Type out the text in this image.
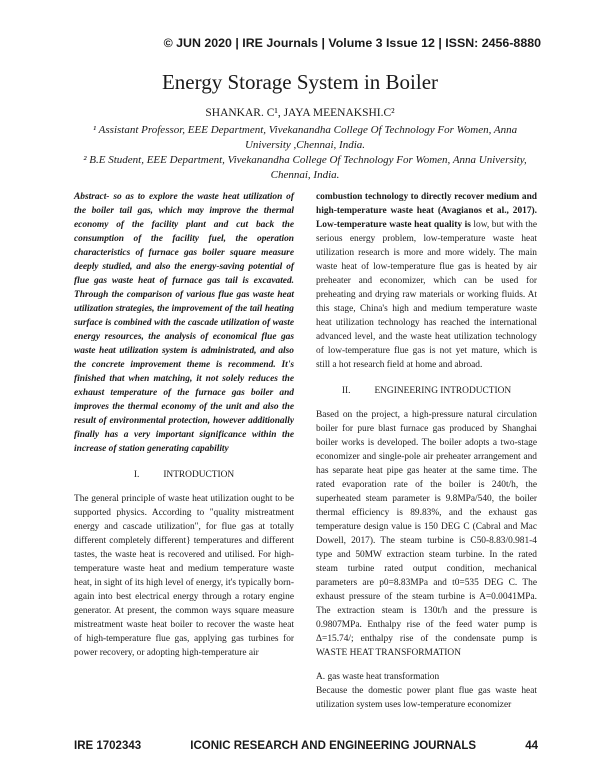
© JUN 2020 | IRE Journals | Volume 3 Issue 12 | ISSN: 2456-8880
Energy Storage System in Boiler
SHANKAR. C¹, JAYA MEENAKSHI.C²
¹ Assistant Professor, EEE Department, Vivekanandha College Of Technology For Women, Anna University ,Chennai, India.
² B.E Student, EEE Department, Vivekanandha College Of Technology For Women, Anna University, Chennai, India.

Abstract- so as to explore the waste heat utilization of the boiler tail gas, which may improve the thermal economy of the facility plant and cut back the consumption of the facility fuel, the operation characteristics of furnace gas boiler square measure deeply studied, and also the energy-saving potential of flue gas waste heat of furnace gas tail is excavated. Through the comparison of various flue gas waste heat utilization strategies, the improvement of the tail heating surface is combined with the cascade utilization of waste energy resources, the analysis of economical flue gas waste heat utilization system is administrated, and also the concrete improvement theme is recommend. It's finished that when matching, it not solely reduces the exhaust temperature of the furnace gas boiler and improves the thermal economy of the unit and also the result of environmental protection, however additionally finally has a very important significance within the increase of station generating capability

I.	INTRODUCTION

The general principle of waste heat utilization ought to be supported physics. According to "quality mistreatment energy and cascade utilization", for flue gas at totally different completely different} temperatures and different tastes, the waste heat is recovered and utilised. For high-temperature waste heat and medium temperature waste heat, in sight of its high level of energy, it's typically born-again into best electrical energy through a rotary engine generator. At present, the common ways square measure mistreatment waste heat boiler to recover the waste heat of high-temperature flue gas, applying gas turbines for power recovery, or adopting high-temperature air

combustion technology to directly recover medium and high-temperature waste heat (Avagianos et al., 2017). Low-temperature waste heat quality is low, but with the serious energy problem, low-temperature waste heat utilization research is more and more widely. The main waste heat of low-temperature flue gas is heated by air preheater and economizer, which can be used for preheating and drying raw materials or working fluids. At this stage, China's high and medium temperature waste heat utilization technology has reached the international advanced level, and the waste heat utilization technology of low-temperature flue gas is not yet mature, which is still a hot research field at home and abroad.

II.	ENGINEERING INTRODUCTION

Based on the project, a high-pressure natural circulation boiler for pure blast furnace gas produced by Shanghai boiler works is developed. The boiler adopts a two-stage economizer and single-pole air preheater arrangement and has separate heat pipe gas heater at the same time. The rated evaporation rate of the boiler is 240t/h, the superheated steam parameter is 9.8MPa/540, the boiler thermal efficiency is 89.83%, and the exhaust gas temperature design value is 150 DEG C (Cabral and Mac Dowell, 2017). The steam turbine is C50-8.83/0.981-4 type and 50MW extraction steam turbine. In the rated steam turbine rated output condition, mechanical parameters are p0=8.83MPa and t0=535 DEG C. The exhaust pressure of the steam turbine is A=0.0041MPa. The extraction steam is 130t/h and the pressure is 0.9807MPa. Enthalpy rise of the feed water pump is Δ=15.74/; enthalpy rise of the condensate pump is WASTE HEAT TRANSFORMATION

A. gas waste heat transformation

Because the domestic power plant flue gas waste heat utilization system uses low-temperature economizer

IRE 1702343	ICONIC RESEARCH AND ENGINEERING JOURNALS	44
